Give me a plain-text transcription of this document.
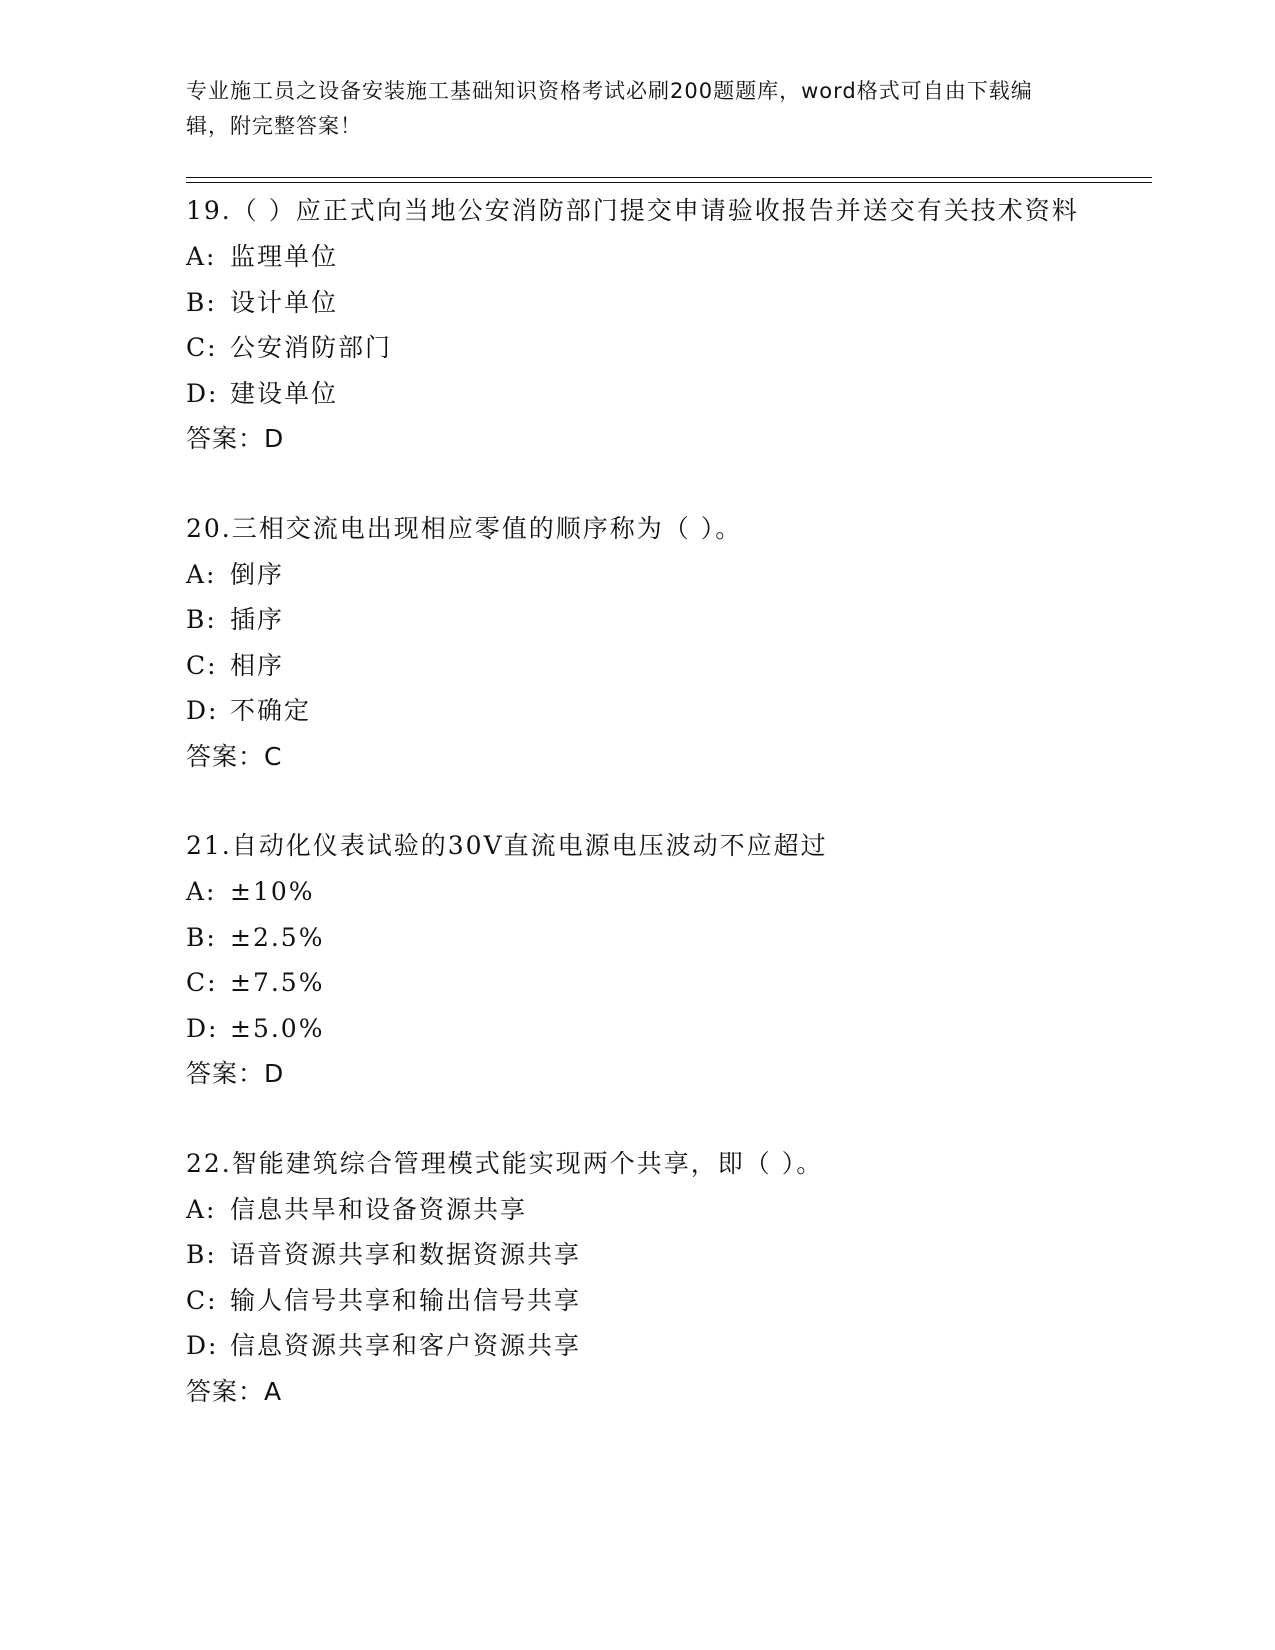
专业施工员之设备安装施工基础知识资格考试必刷200题题库，word格式可自由下载编辑，附完整答案！

19.（ ）应正式向当地公安消防部门提交申请验收报告并送交有关技术资料

A: 监理单位

B: 设计单位

C: 公安消防部门

D: 建设单位

答案：D

20.三相交流电出现相应零值的顺序称为（ ）。

A: 倒序

B: 插序

C: 相序

D: 不确定

答案：C

21.自动化仪表试验的30V直流电源电压波动不应超过

A: ±10%

B: ±2.5%

C: ±7.5%

D: ±5.0%

答案：D

22.智能建筑综合管理模式能实现两个共享，即（ ）。

A: 信息共旱和设备资源共享

B: 语音资源共享和数据资源共享

C: 输人信号共享和输出信号共享

D: 信息资源共享和客户资源共享

答案：A
